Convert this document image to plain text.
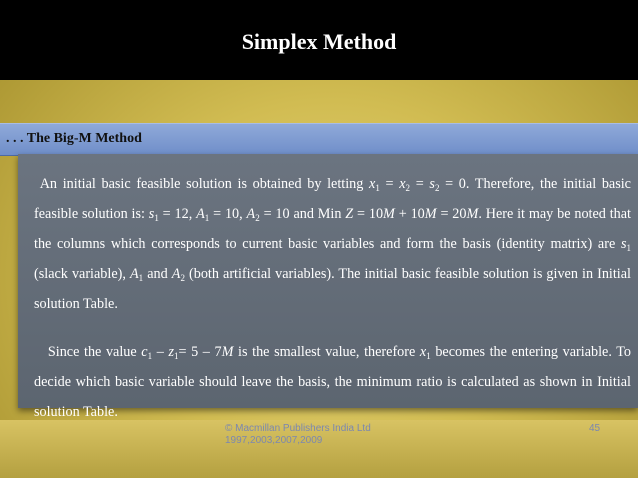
Simplex Method
. . . The Big-M Method
An initial basic feasible solution is obtained by letting $x_1 = x_2 = s_2 = 0$. Therefore, the initial basic feasible solution is: $s_1 = 12$, $A_1 = 10$, $A_2 = 10$ and Min Z = 10M + 10M = 20M. Here it may be noted that the columns which corresponds to current basic variables and form the basis (identity matrix) are $s_1$ (slack variable), $A_1$ and $A_2$ (both artificial variables). The initial basic feasible solution is given in Initial solution Table.
Since the value $c_1 - z_1= 5 - 7M$ is the smallest value, therefore $x_1$ becomes the entering variable. To decide which basic variable should leave the basis, the minimum ratio is calculated as shown in Initial solution Table.
© Macmillan Publishers India Ltd 1997,2003,2007,2009
45
